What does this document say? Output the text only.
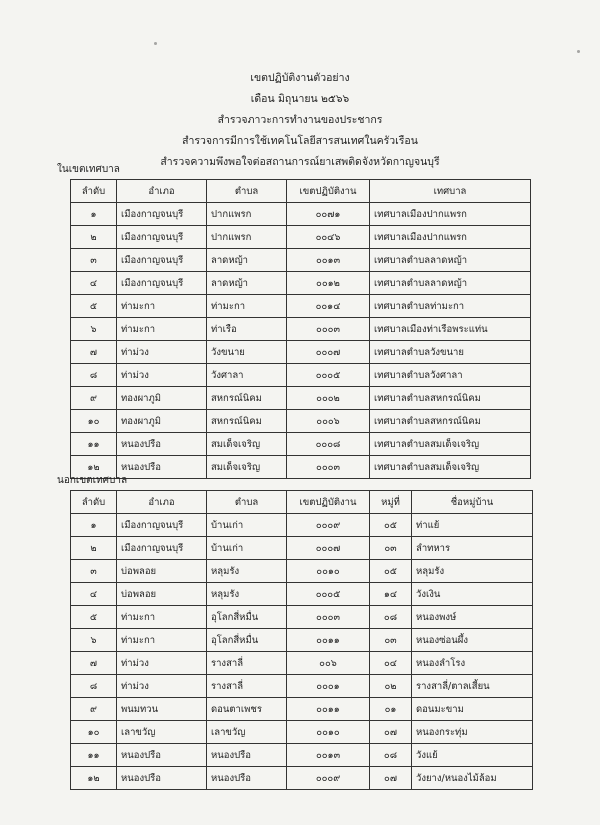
เขตปฏิบัติงานตัวอย่าง
เดือน มิถุนายน ๒๕๖๖
สำรวจภาวะการทำงานของประชากร
สำรวจการมีการใช้เทคโนโลยีสารสนเทศในครัวเรือน
สำรวจความพึงพอใจต่อสถานการณ์ยาเสพติดจังหวัดกาญจนบุรี
ในเขตเทศบาล
ลำดับ	อำเภอ	ตำบล	เขตปฏิบัติงาน	เทศบาล
๑	เมืองกาญจนบุรี	ปากแพรก	๐๐๗๑	เทศบาลเมืองปากแพรก
๒	เมืองกาญจนบุรี	ปากแพรก	๐๐๔๖	เทศบาลเมืองปากแพรก
๓	เมืองกาญจนบุรี	ลาดหญ้า	๐๐๑๓	เทศบาลตำบลลาดหญ้า
๔	เมืองกาญจนบุรี	ลาดหญ้า	๐๐๑๒	เทศบาลตำบลลาดหญ้า
๕	ท่ามะกา	ท่ามะกา	๐๐๑๔	เทศบาลตำบลท่ามะกา
๖	ท่ามะกา	ท่าเรือ	๐๐๐๓	เทศบาลเมืองท่าเรือพระแท่น
๗	ท่าม่วง	วังขนาย	๐๐๐๗	เทศบาลตำบลวังขนาย
๘	ท่าม่วง	วังศาลา	๐๐๐๕	เทศบาลตำบลวังศาลา
๙	ทองผาภูมิ	สหกรณ์นิคม	๐๐๐๒	เทศบาลตำบลสหกรณ์นิคม
๑๐	ทองผาภูมิ	สหกรณ์นิคม	๐๐๐๖	เทศบาลตำบลสหกรณ์นิคม
๑๑	หนองปรือ	สมเด็จเจริญ	๐๐๐๘	เทศบาลตำบลสมเด็จเจริญ
๑๒	หนองปรือ	สมเด็จเจริญ	๐๐๐๓	เทศบาลตำบลสมเด็จเจริญ
นอกเขตเทศบาล
ลำดับ	อำเภอ	ตำบล	เขตปฏิบัติงาน	หมู่ที่	ชื่อหมู่บ้าน
๑	เมืองกาญจนบุรี	บ้านเก่า	๐๐๐๙	๐๕	ท่าแย้
๒	เมืองกาญจนบุรี	บ้านเก่า	๐๐๐๗	๐๓	ลำทหาร
๓	บ่อพลอย	หลุมรัง	๐๐๑๐	๐๕	หลุมรัง
๔	บ่อพลอย	หลุมรัง	๐๐๐๕	๑๔	วังเงิน
๕	ท่ามะกา	อุโลกสี่หมื่น	๐๐๐๓	๐๘	หนองพงษ์
๖	ท่ามะกา	อุโลกสี่หมื่น	๐๐๑๑	๐๓	หนองซ่อนผึ้ง
๗	ท่าม่วง	รางสาลี่	๐๐๖	๐๔	หนองลำโรง
๘	ท่าม่วง	รางสาลี่	๐๐๐๑	๐๒	รางสาลี่/ตาลเสี้ยน
๙	พนมทวน	ดอนตาเพชร	๐๐๑๑	๐๑	ดอนมะขาม
๑๐	เลาขวัญ	เลาขวัญ	๐๐๑๐	๐๗	หนองกระทุ่ม
๑๑	หนองปรือ	หนองปรือ	๐๐๑๓	๐๘	วังแย้
๑๒	หนองปรือ	หนองปรือ	๐๐๐๙	๐๗	วังยาง/หนองไม้ล้อม
